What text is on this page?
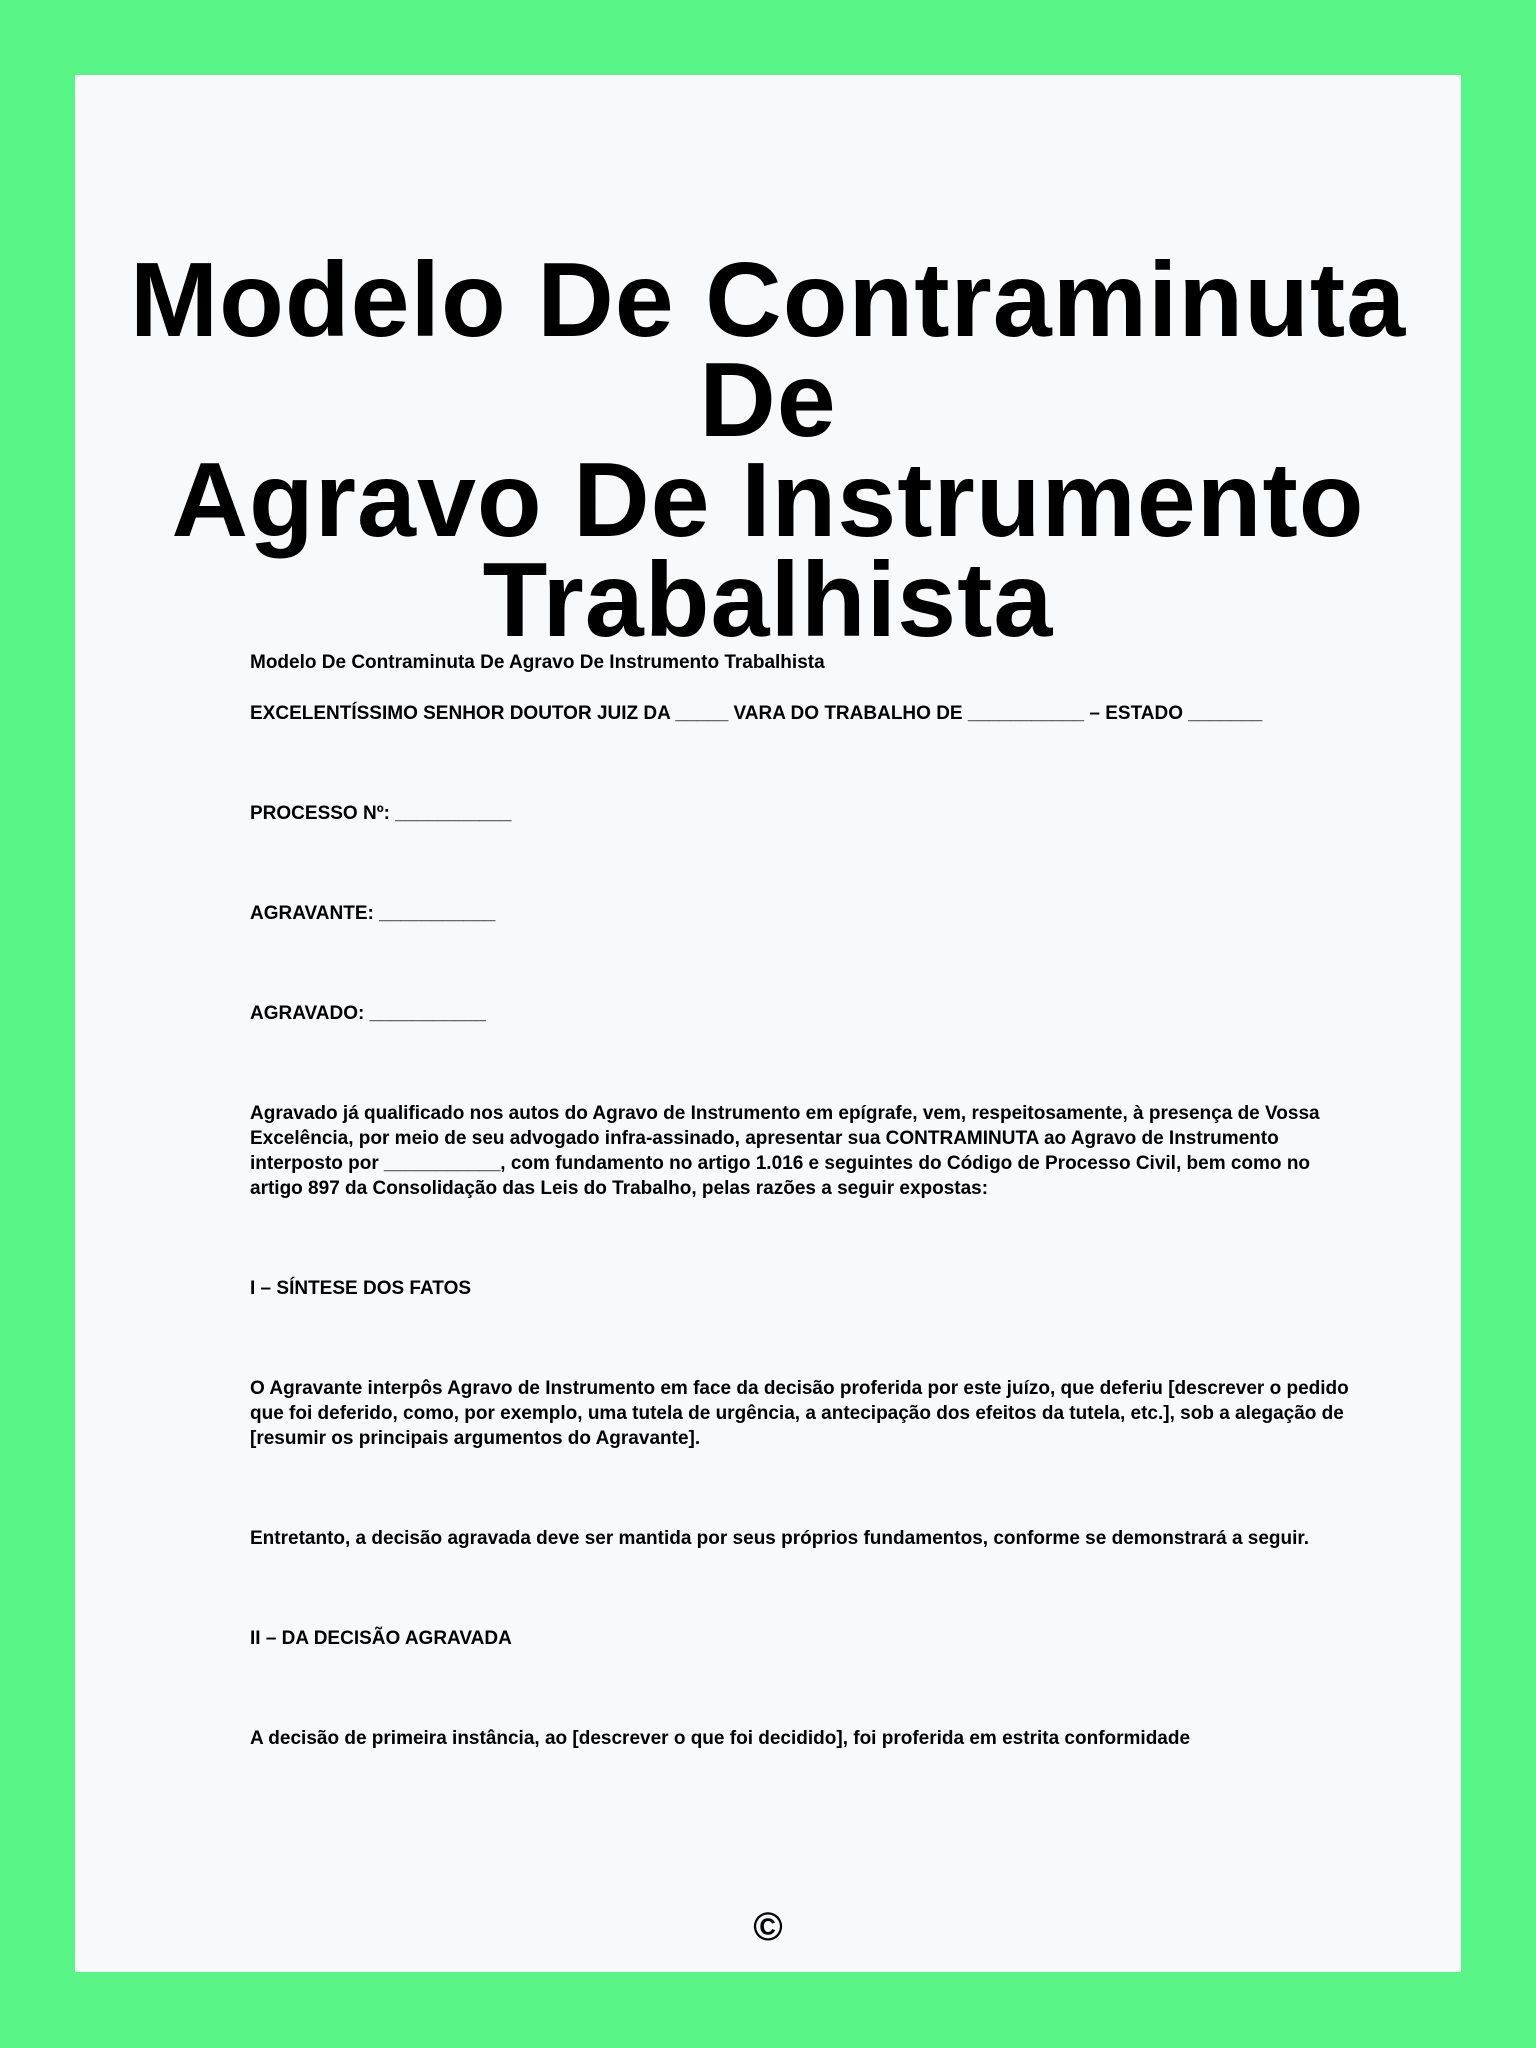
Modelo De Contraminuta De
Agravo De Instrumento
Trabalhista

Modelo De Contraminuta De Agravo De Instrumento Trabalhista

EXCELENTÍSSIMO SENHOR DOUTOR JUIZ DA _____ VARA DO TRABALHO DE ___________ – ESTADO _______

PROCESSO Nº: ___________

AGRAVANTE: ___________

AGRAVADO: ___________

Agravado já qualificado nos autos do Agravo de Instrumento em epígrafe, vem, respeitosamente, à presença de Vossa Excelência, por meio de seu advogado infra-assinado, apresentar sua CONTRAMINUTA ao Agravo de Instrumento interposto por ___________, com fundamento no artigo 1.016 e seguintes do Código de Processo Civil, bem como no artigo 897 da Consolidação das Leis do Trabalho, pelas razões a seguir expostas:

I – SÍNTESE DOS FATOS

O Agravante interpôs Agravo de Instrumento em face da decisão proferida por este juízo, que deferiu [descrever o pedido que foi deferido, como, por exemplo, uma tutela de urgência, a antecipação dos efeitos da tutela, etc.], sob a alegação de [resumir os principais argumentos do Agravante].

Entretanto, a decisão agravada deve ser mantida por seus próprios fundamentos, conforme se demonstrará a seguir.

II – DA DECISÃO AGRAVADA

A decisão de primeira instância, ao [descrever o que foi decidido], foi proferida em estrita conformidade

©
